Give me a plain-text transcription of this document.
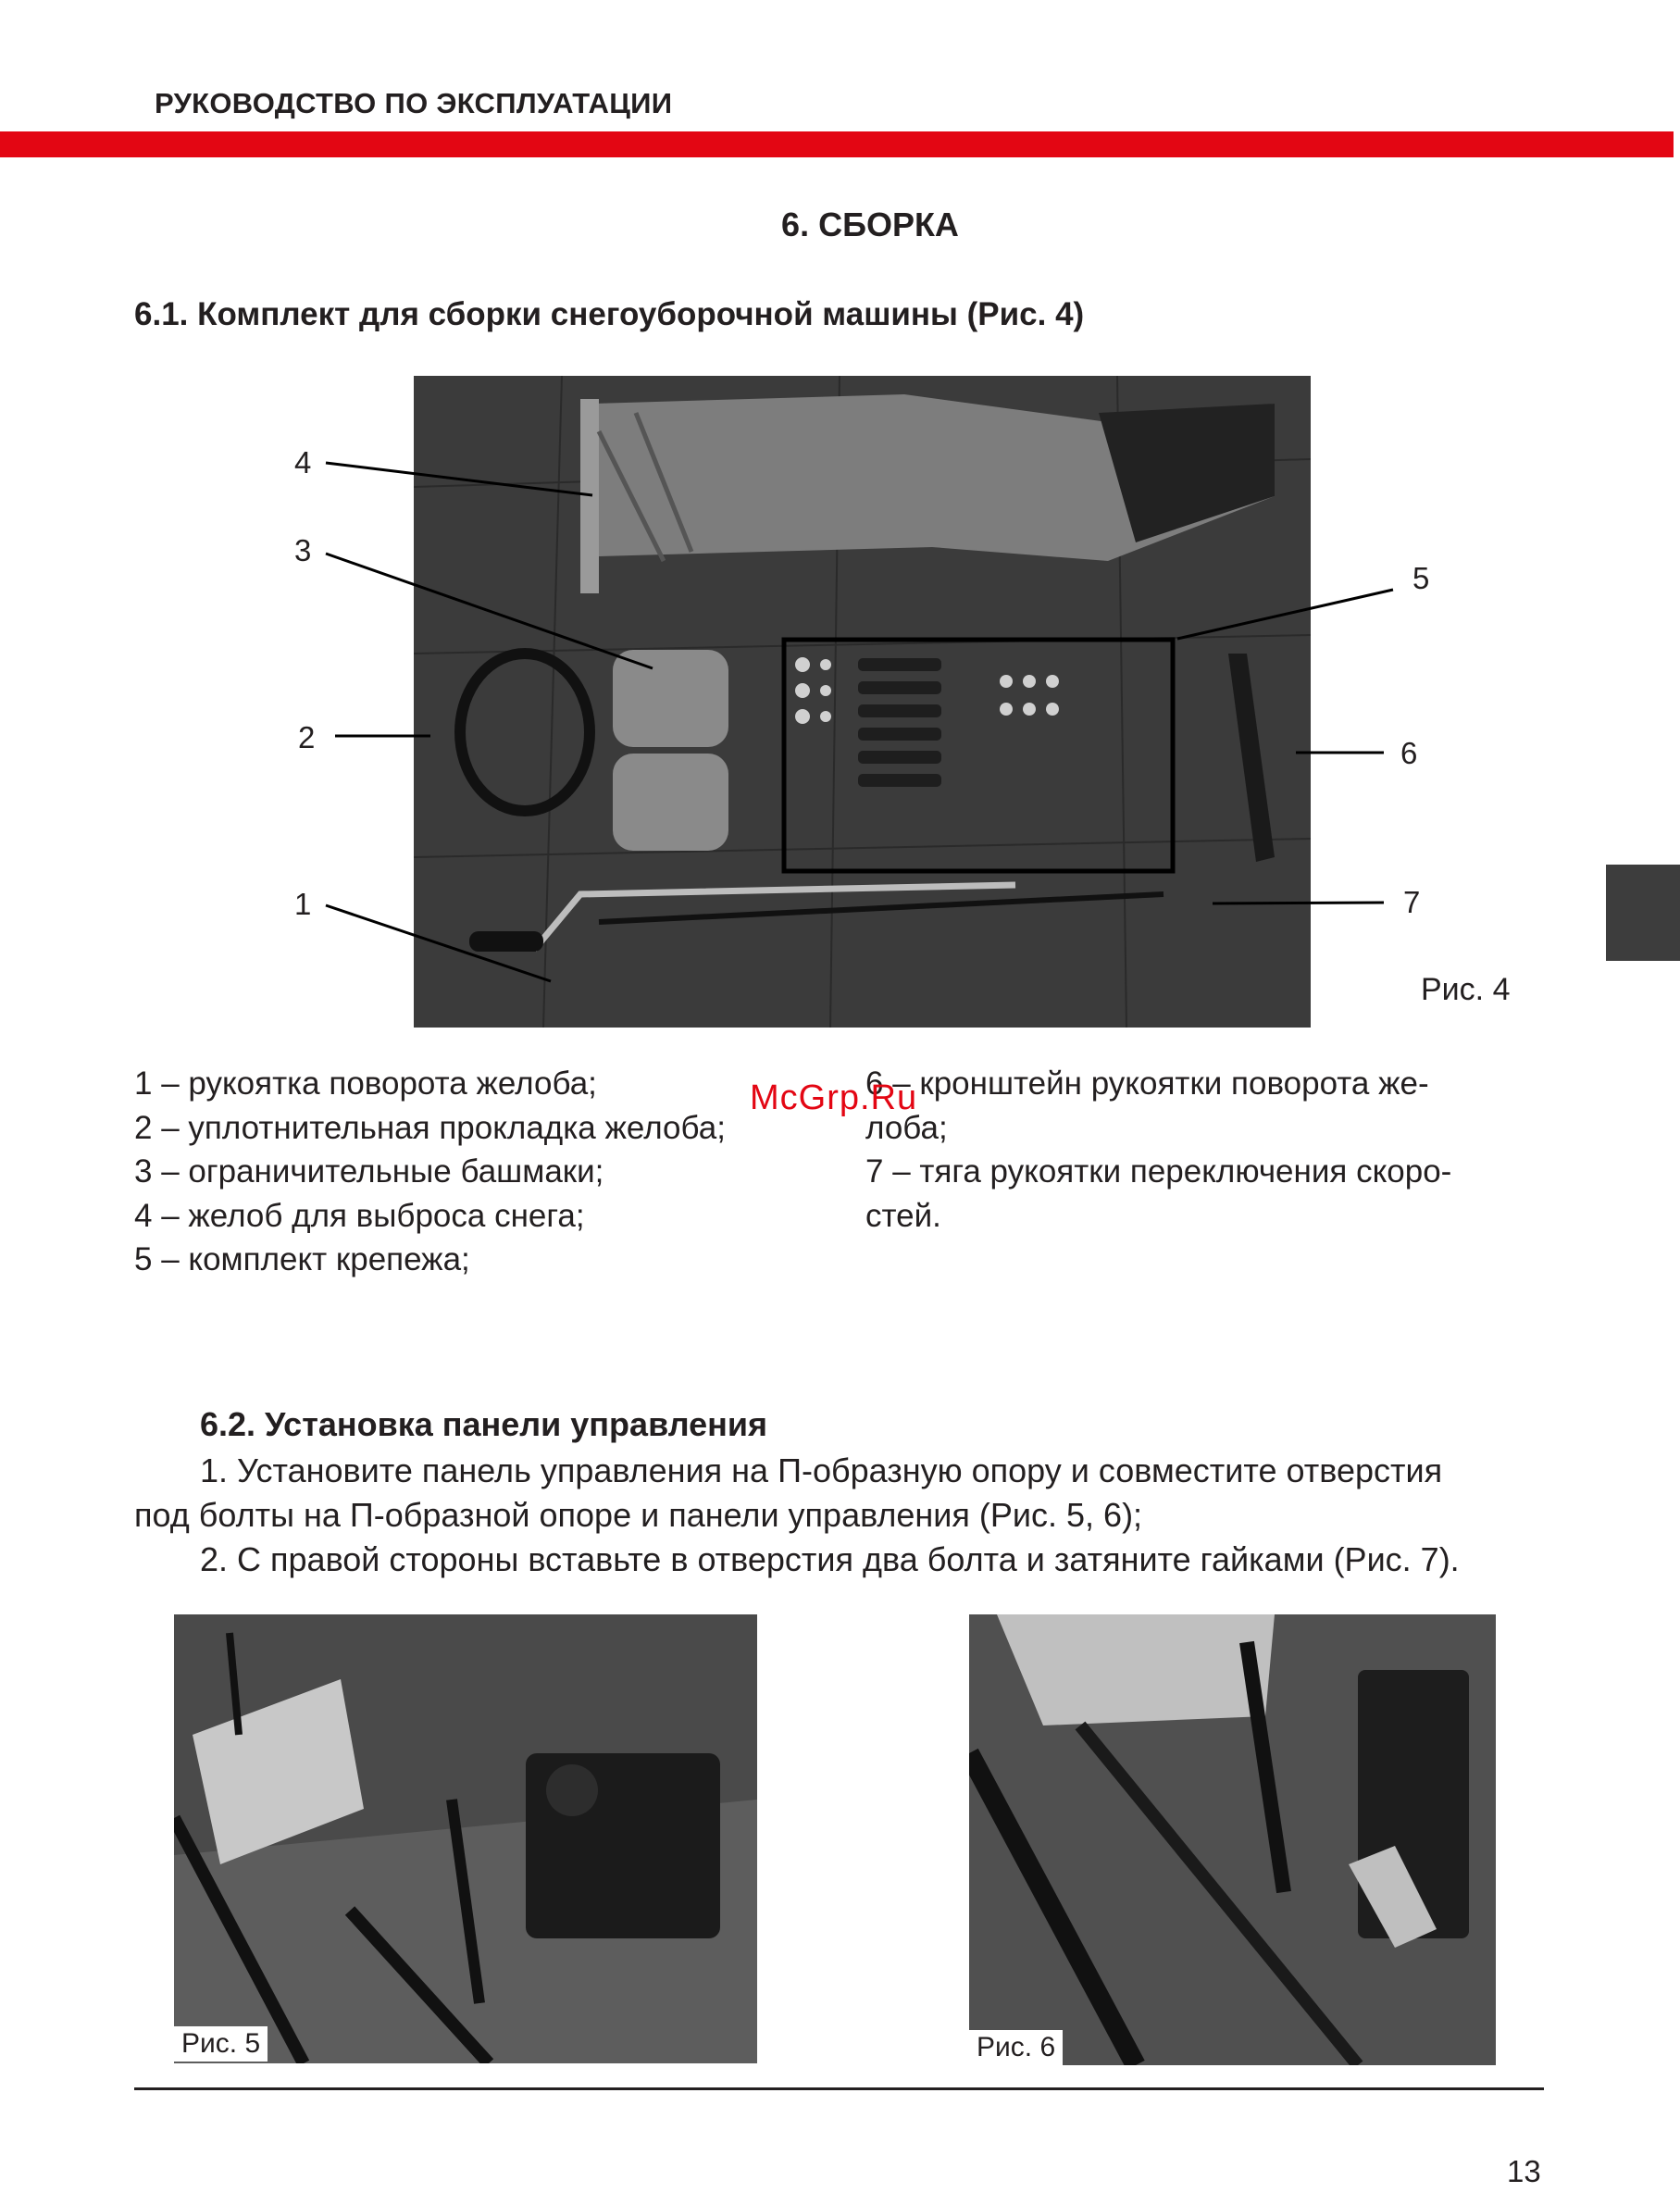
РУКОВОДСТВО ПО ЭКСПЛУАТАЦИИ
6. СБОРКА
6.1. Комплект для сборки снегоуборочной машины (Рис. 4)
4
3
2
1
5
6
7
Рис. 4
1 – рукоятка поворота желоба;
2 – уплотнительная прокладка желоба;
3 – ограничительные башмаки;
4 – желоб для выброса снега;
5 – комплект крепежа;
6 – кронштейн рукоятки поворота же-
лоба;
7 – тяга рукоятки переключения скоро-
стей.
McGrp.Ru
6.2. Установка панели управления
1. Установите панель управления на П-образную опору и совместите отверстия
под болты на П-образной опоре и панели управления (Рис. 5, 6);
2. С правой стороны вставьте в отверстия два болта и затяните гайками (Рис. 7).
Рис. 5	Рис. 6
13
